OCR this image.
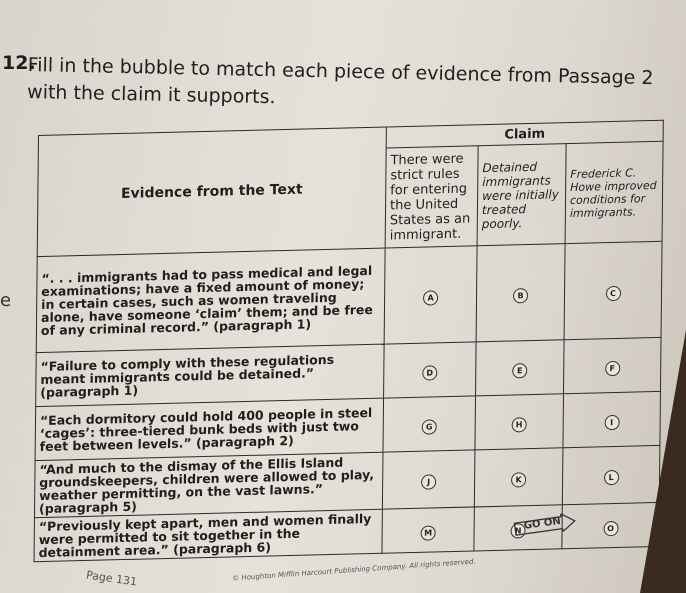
e
12.
Fill in the bubble to match each piece of evidence from Passage 2 with the claim it supports.
Evidence from the Text	Claim		
	There were strict rules for entering the United States as an immigrant.	Detained immigrants were initially treated poorly.	Frederick C. Howe improved conditions for immigrants.
“. . . immigrants had to pass medical and legal examinations; have a fixed amount of money; in certain cases, such as women traveling alone, have someone ‘claim’ them; and be free of any criminal record.” (paragraph 1)	A	B	C
“Failure to comply with these regulations meant immigrants could be detained.” (paragraph 1)	D	E	F
“Each dormitory could hold 400 people in steel ‘cages’: three-tiered bunk beds with just two feet between levels.” (paragraph 2)	G	H	I
“And much to the dismay of the Ellis Island groundskeepers, children were allowed to play, weather permitting, on the vast lawns.” (paragraph 5)	J	K	L
“Previously kept apart, men and women finally were permitted to sit together in the detainment area.” (paragraph 6)	M	N	O
GO ON
Page 131	© Houghton Mifflin Harcourt Publishing Company. All rights reserved.
